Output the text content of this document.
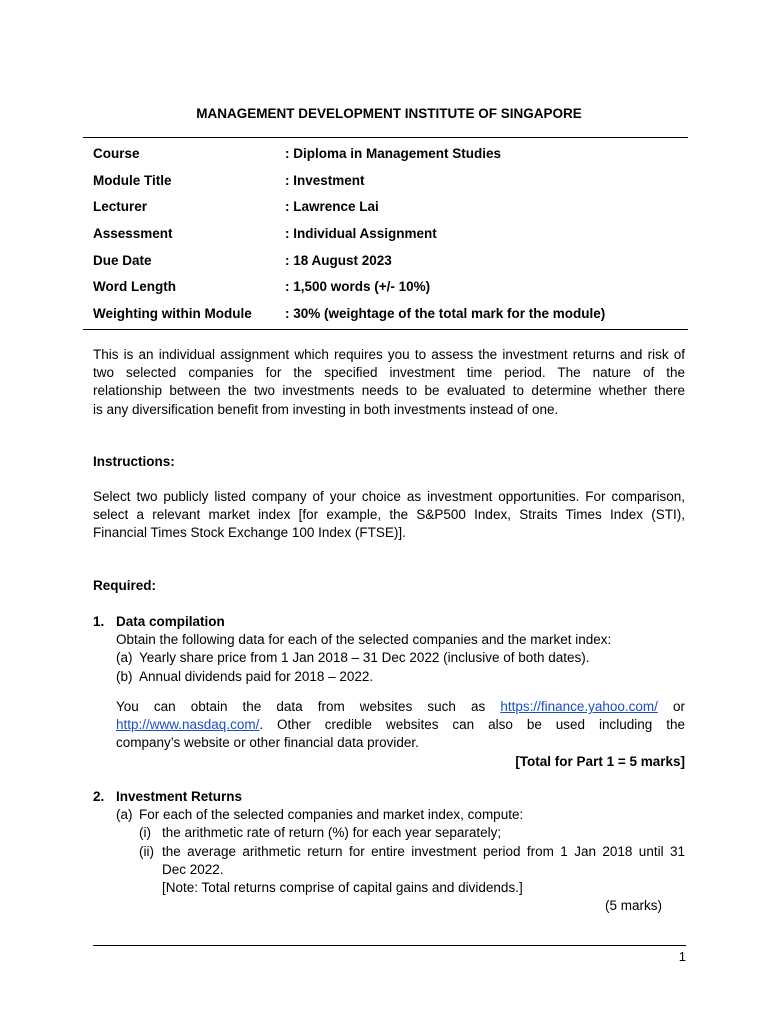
MANAGEMENT DEVELOPMENT INSTITUTE OF SINGAPORE
Course	: Diploma in Management Studies
Module Title	: Investment
Lecturer	: Lawrence Lai
Assessment	: Individual Assignment
Due Date	: 18 August 2023
Word Length	: 1,500 words (+/- 10%)
Weighting within Module	: 30% (weightage of the total mark for the module)
This is an individual assignment which requires you to assess the investment returns and risk of
two selected companies for the specified investment time period. The nature of the
relationship between the two investments needs to be evaluated to determine whether there
is any diversification benefit from investing in both investments instead of one.
Instructions:
Select two publicly listed company of your choice as investment opportunities. For comparison,
select a relevant market index [for example, the S&P500 Index, Straits Times Index (STI),
Financial Times Stock Exchange 100 Index (FTSE)].
Required:
1. Data compilation
Obtain the following data for each of the selected companies and the market index:
(a) Yearly share price from 1 Jan 2018 – 31 Dec 2022 (inclusive of both dates).
(b) Annual dividends paid for 2018 – 2022.
You can obtain the data from websites such as https://finance.yahoo.com/ or
http://www.nasdaq.com/ . Other credible websites can also be used including the
company’s website or other financial data provider.
[Total for Part 1 = 5 marks]
2. Investment Returns
(a) For each of the selected companies and market index, compute:
(i) the arithmetic rate of return (%) for each year separately;
(ii) the average arithmetic return for entire investment period from 1 Jan 2018 until 31
Dec 2022.
[Note: Total returns comprise of capital gains and dividends.]
(5 marks)
1
